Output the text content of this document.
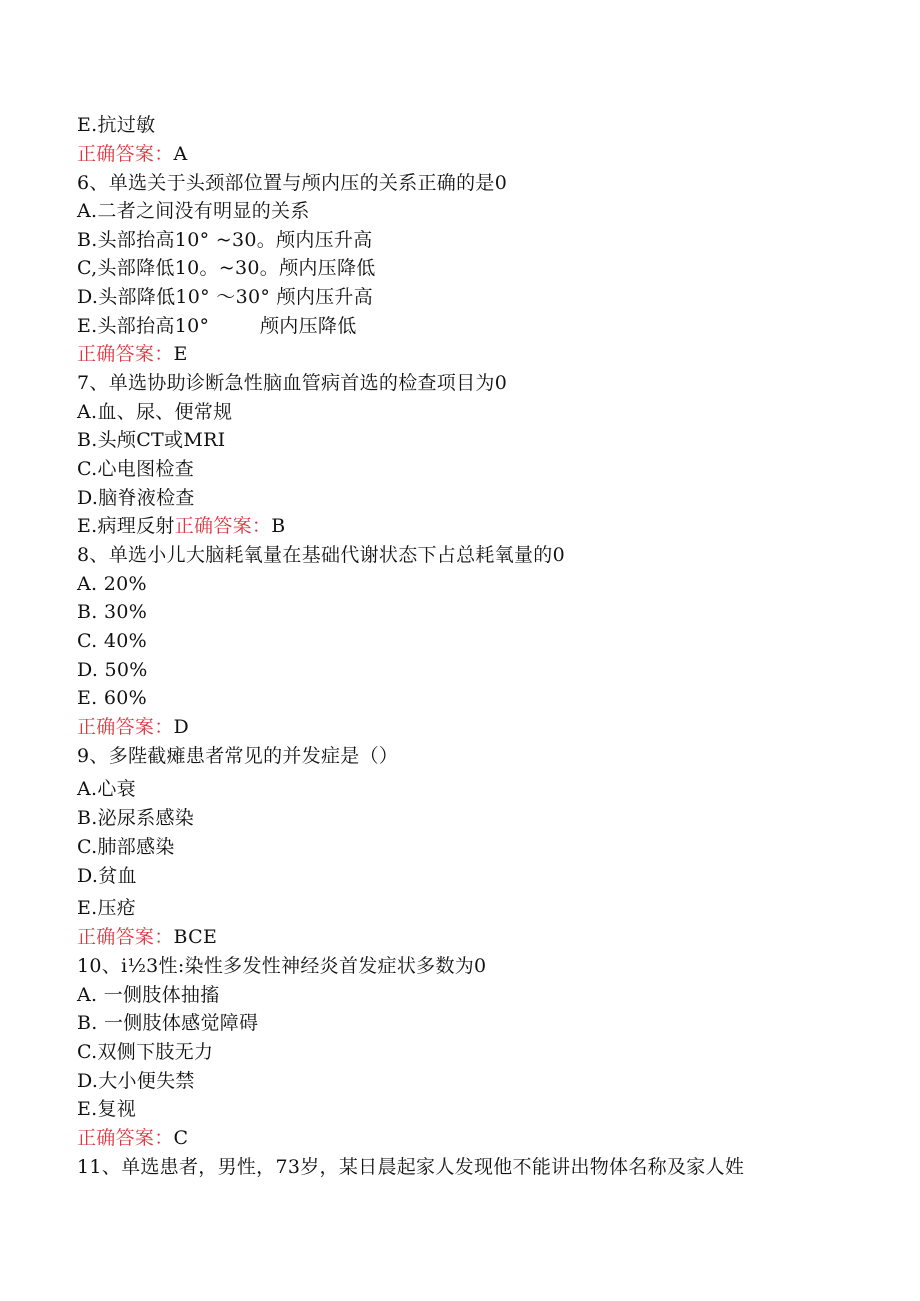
E.抗过敏
正确答案：A
6、单选关于头颈部位置与颅内压的关系正确的是0
A.二者之间没有明显的关系
B.头部抬高10° ~30。颅内压升高
C,头部降低10。~30。颅内压降低
D.头部降低10° ～30° 颅内压升高
E.头部抬高10°        颅内压降低
正确答案：E
7、单选协助诊断急性脑血管病首选的检查项目为0
A.血、尿、便常规
B.头颅CT或MRI
C.心电图检查
D.脑脊液检查
E.病理反射正确答案：B
8、单选小儿大脑耗氧量在基础代谢状态下占总耗氧量的0
A. 20%
B. 30%
C. 40%
D. 50%
E. 60%
正确答案：D
9、多陛截瘫患者常见的并发症是（）
A.心衰
B.泌尿系感染
C.肺部感染
D.贫血
E.压疮
正确答案：BCE
10、i½3性:染性多发性神经炎首发症状多数为0
A. 一侧肢体抽搐
B. 一侧肢体感觉障碍
C.双侧下肢无力
D.大小便失禁
E.复视
正确答案：C
11、单选患者，男性，73岁，某日晨起家人发现他不能讲出物体名称及家人姓
